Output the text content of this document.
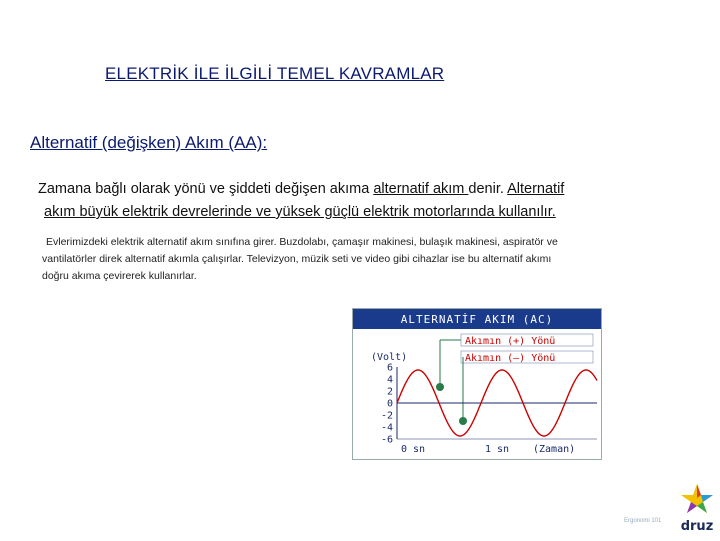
ELEKTRİK İLE İLGİLİ TEMEL KAVRAMLAR
Alternatif (değişken) Akım (AA):
Zamana bağlı olarak yönü ve şiddeti değişen akıma alternatif akım denir. Alternatif
akım büyük elektrik devrelerinde ve yüksek güçlü elektrik motorlarında kullanılır.
Evlerimizdeki elektrik alternatif akım sınıfına girer. Buzdolabı, çamaşır makinesi, bulaşık makinesi, aspiratör ve
vantilatörler direk alternatif akımla çalışırlar. Televizyon, müzik seti ve video gibi cihazlar ise bu alternatif akımı
doğru akıma çevirerek kullanırlar.
ALTERNATİF AKIM (AC)
Akımın (+) Yönü
Akımın (–) Yönü
(Volt)
6
4
2
0
-2
-4
-6
0 sn	1 sn (Zaman)
Ergonomi 101 druz
